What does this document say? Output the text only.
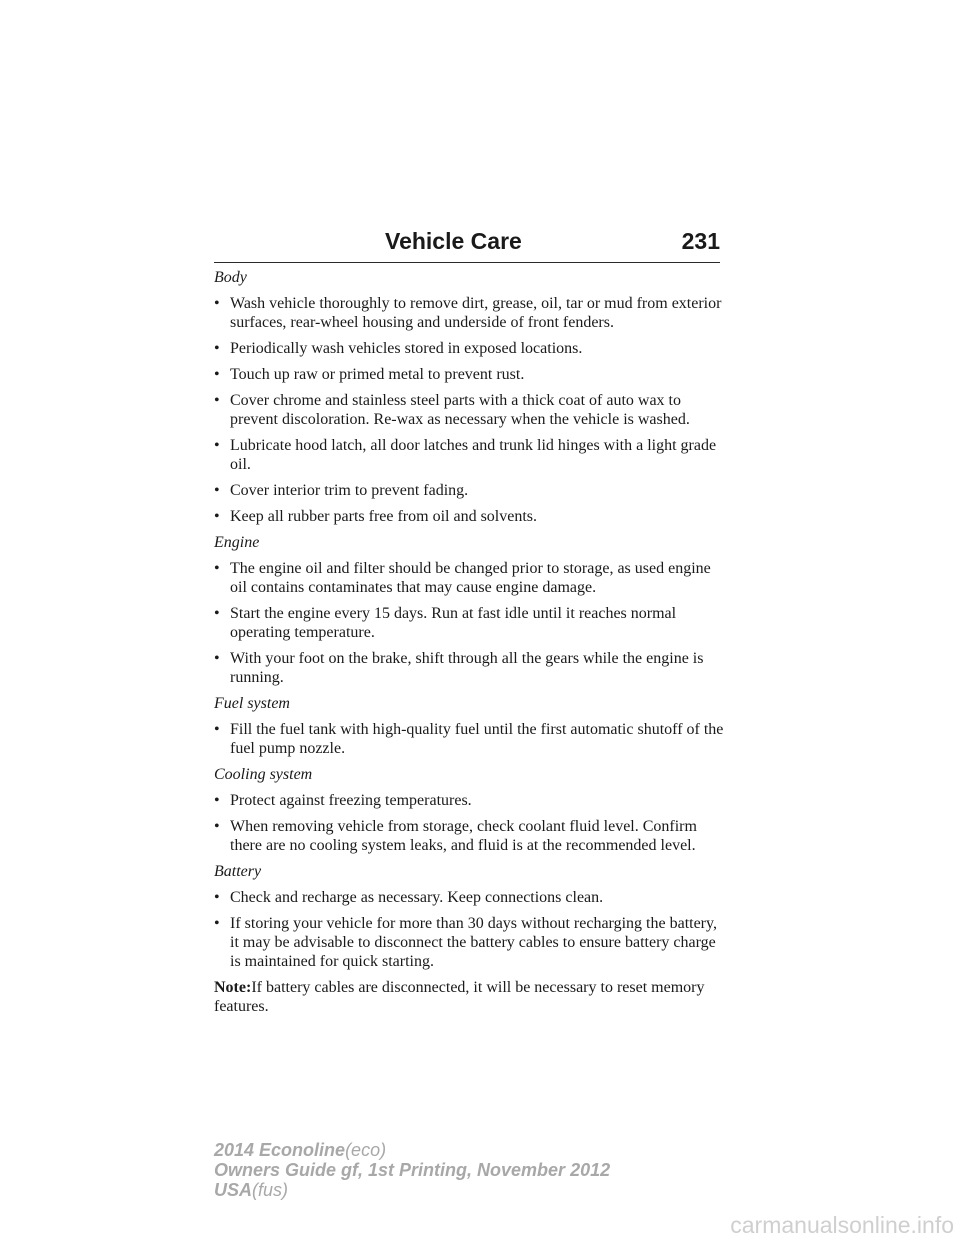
Vehicle Care	231

Body

• Wash vehicle thoroughly to remove dirt, grease, oil, tar or mud from exterior surfaces, rear-wheel housing and underside of front fenders.
• Periodically wash vehicles stored in exposed locations.
• Touch up raw or primed metal to prevent rust.
• Cover chrome and stainless steel parts with a thick coat of auto wax to prevent discoloration. Re-wax as necessary when the vehicle is washed.
• Lubricate hood latch, all door latches and trunk lid hinges with a light grade oil.
• Cover interior trim to prevent fading.
• Keep all rubber parts free from oil and solvents.

Engine

• The engine oil and filter should be changed prior to storage, as used engine oil contains contaminates that may cause engine damage.
• Start the engine every 15 days. Run at fast idle until it reaches normal operating temperature.
• With your foot on the brake, shift through all the gears while the engine is running.

Fuel system

• Fill the fuel tank with high-quality fuel until the first automatic shutoff of the fuel pump nozzle.

Cooling system

• Protect against freezing temperatures.
• When removing vehicle from storage, check coolant fluid level. Confirm there are no cooling system leaks, and fluid is at the recommended level.

Battery

• Check and recharge as necessary. Keep connections clean.
• If storing your vehicle for more than 30 days without recharging the battery, it may be advisable to disconnect the battery cables to ensure battery charge is maintained for quick starting.

Note:If battery cables are disconnected, it will be necessary to reset memory features.

2014 Econoline(eco)
Owners Guide gf, 1st Printing, November 2012
USA(fus)
carmanualsonline.info
